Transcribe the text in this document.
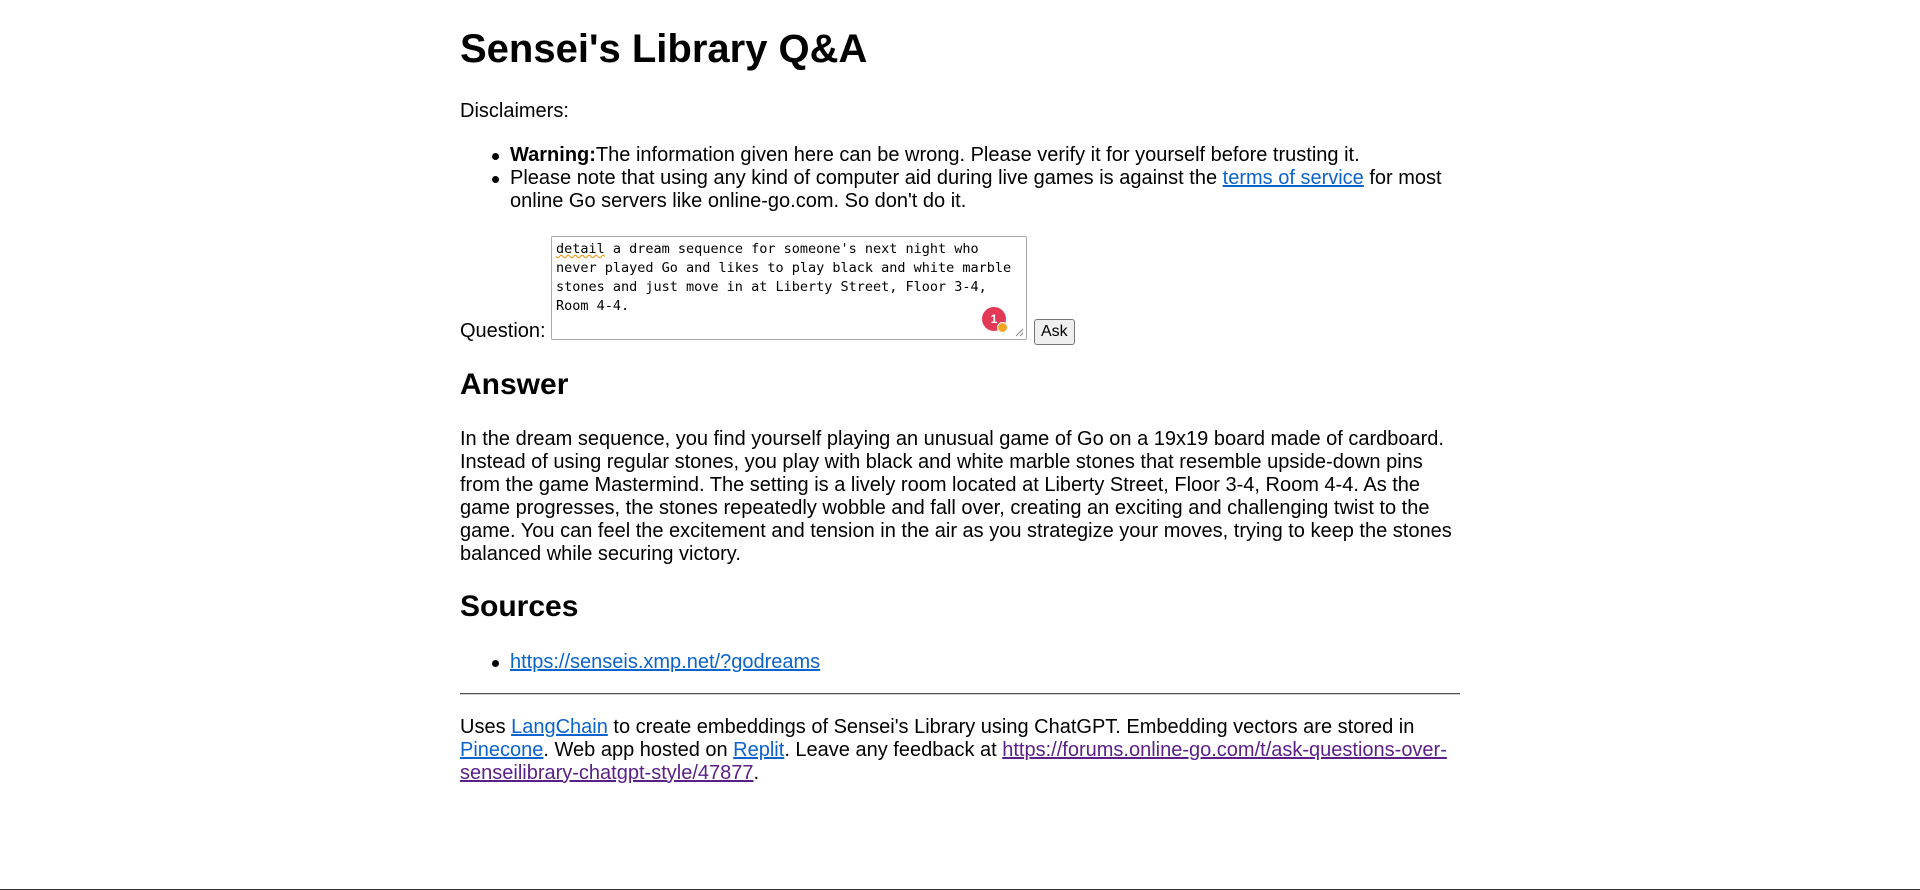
Sensei's Library Q&A
Disclaimers:
Warning:The information given here can be wrong. Please verify it for yourself before trusting it.
Please note that using any kind of computer aid during live games is against the terms of service for most online Go servers like online-go.com. So don't do it.
Question:
detail a dream sequence for someone's next night who never played Go and likes to play black and white marble stones and just move in at Liberty Street, Floor 3-4, Room 4-4.
1
Ask
Answer

In the dream sequence, you find yourself playing an unusual game of Go on a 19x19 board made of cardboard. Instead of using regular stones, you play with black and white marble stones that resemble upside-down pins from the game Mastermind. The setting is a lively room located at Liberty Street, Floor 3-4, Room 4-4. As the game progresses, the stones repeatedly wobble and fall over, creating an exciting and challenging twist to the game. You can feel the excitement and tension in the air as you strategize your moves, trying to keep the stones balanced while securing victory.

Sources
https://senseis.xmp.net/?godreams
Uses LangChain to create embeddings of Sensei's Library using ChatGPT. Embedding vectors are stored in Pinecone. Web app hosted on Replit. Leave any feedback at https://forums.online-go.com/t/ask-questions-over-senseilibrary-chatgpt-style/47877.
